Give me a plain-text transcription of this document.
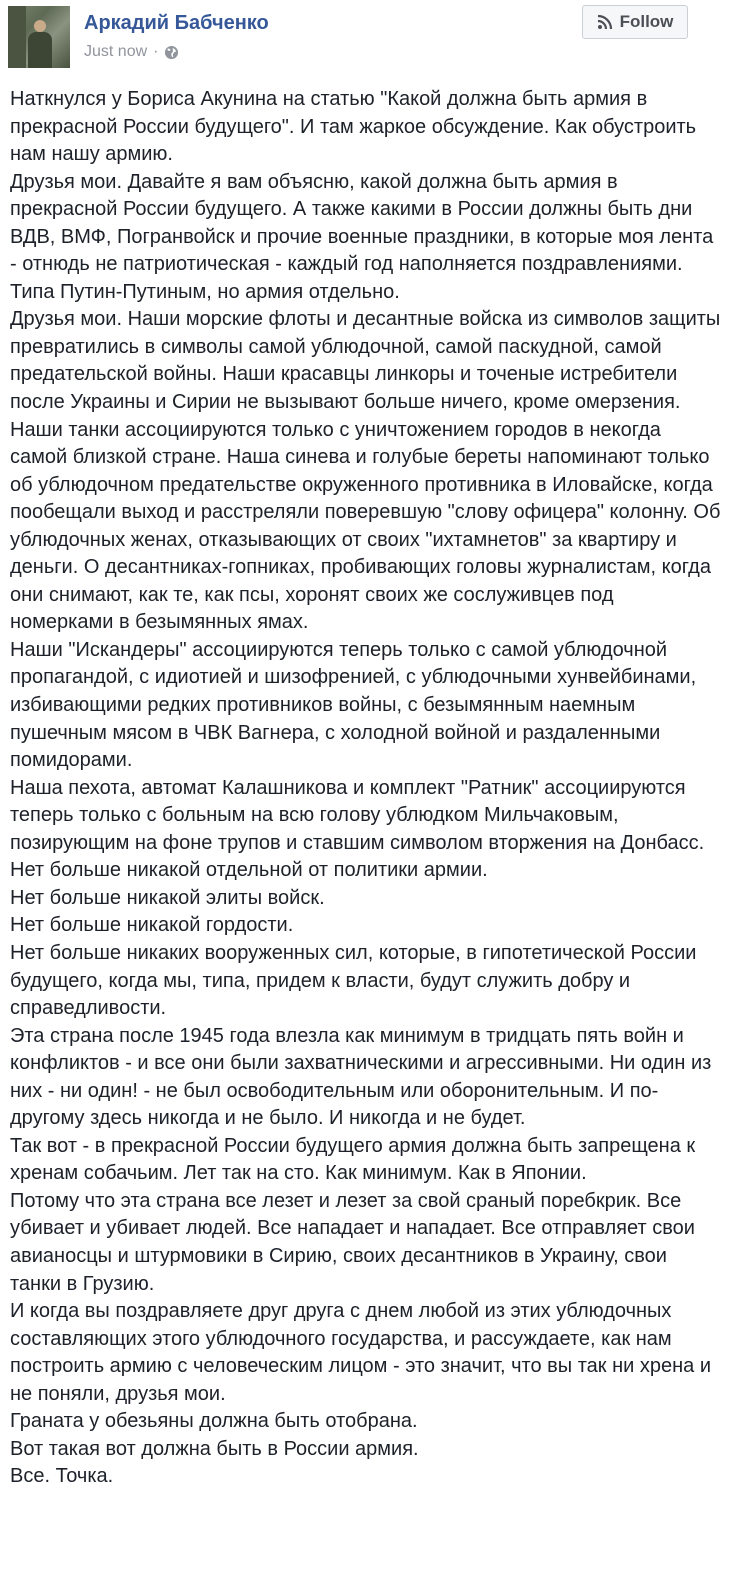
Аркадий Бабченко
Just now ·
Follow

Наткнулся у Бориса Акунина на статью "Какой должна быть армия в прекрасной России будущего". И там жаркое обсуждение. Как обустроить нам нашу армию.

Друзья мои. Давайте я вам объясню, какой должна быть армия в прекрасной России будущего. А также какими в России должны быть дни ВДВ, ВМФ, Погранвойск и прочие военные праздники, в которые моя лента - отнюдь не патриотическая - каждый год наполняется поздравлениями. Типа Путин-Путиным, но армия отдельно.

Друзья мои. Наши морские флоты и десантные войска из символов защиты превратились в символы самой ублюдочной, самой паскудной, самой предательской войны. Наши красавцы линкоры и точеные истребители после Украины и Сирии не вызывают больше ничего, кроме омерзения. Наши танки ассоциируются только с уничтожением городов в некогда самой близкой стране. Наша синева и голубые береты напоминают только об ублюдочном предательстве окруженного противника в Иловайске, когда пообещали выход и расстреляли поверевшую "слову офицера" колонну. Об ублюдочных женах, отказывающих от своих "ихтамнетов" за квартиру и деньги. О десантниках-гопниках, пробивающих головы журналистам, когда они снимают, как те, как псы, хоронят своих же сослуживцев под номерками в безымянных ямах.

Наши "Искандеры" ассоциируются теперь только с самой ублюдочной пропагандой, с идиотией и шизофренией, с ублюдочными хунвейбинами, избивающими редких противников войны, с безымянным наемным пушечным мясом в ЧВК Вагнера, с холодной войной и раздаленными помидорами.

Наша пехота, автомат Калашникова и комплект "Ратник" ассоциируются теперь только с больным на всю голову ублюдком Мильчаковым, позирующим на фоне трупов и ставшим символом вторжения на Донбасс.

Нет больше никакой отдельной от политики армии.

Нет больше никакой элиты войск.

Нет больше никакой гордости.

Нет больше никаких вооруженных сил, которые, в гипотетической России будущего, когда мы, типа, придем к власти, будут служить добру и справедливости.

Эта страна после 1945 года влезла как минимум в тридцать пять войн и конфликтов - и все они были захватническими и агрессивными. Ни один из них - ни один! - не был освободительным или оборонительным. И по-другому здесь никогда и не было. И никогда и не будет.

Так вот - в прекрасной России будущего армия должна быть запрещена к хренам собачьим. Лет так на сто. Как минимум. Как в Японии.

Потому что эта страна все лезет и лезет за свой сраный поребкрик. Все убивает и убивает людей. Все нападает и нападает. Все отправляет свои авианосцы и штурмовики в Сирию, своих десантников в Украину, свои танки в Грузию.

И когда вы поздравляете друг друга с днем любой из этих ублюдочных составляющих этого ублюдочного государства, и рассуждаете, как нам построить армию с человеческим лицом - это значит, что вы так ни хрена и не поняли, друзья мои.

Граната у обезьяны должна быть отобрана.

Вот такая вот должна быть в России армия.

Все. Точка.
